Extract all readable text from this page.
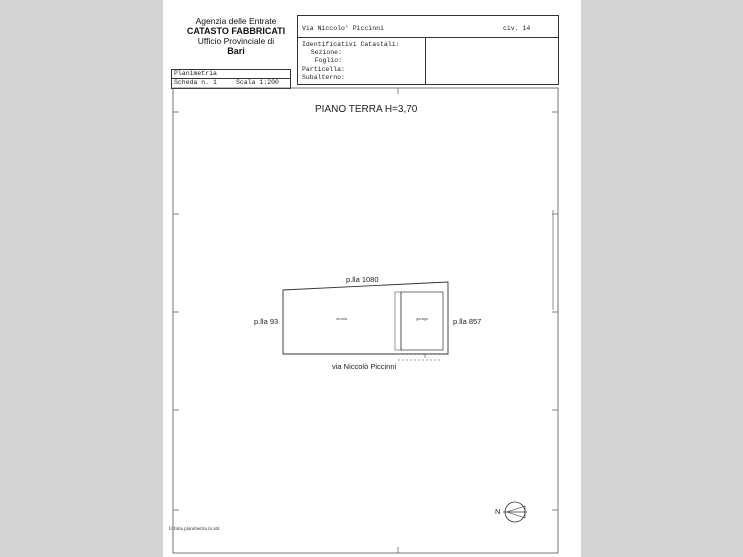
Agenzia delle Entrate
CATASTO FABBRICATI
Ufficio Provinciale di
Bari
Via Niccolo' Piccinni	civ. 14
Identificativi Catastali:
Sezione:
Foglio:
Particella:
Subalterno:
Planimetria
Scheda n. 1	Scala 1:200
PIANO TERRA H=3,70
- - - - -
p.lla 1080
p.lla 93	p.lla 857
via Niccolò Piccinni
strada	garage
N
Ultima planimetria in atti
